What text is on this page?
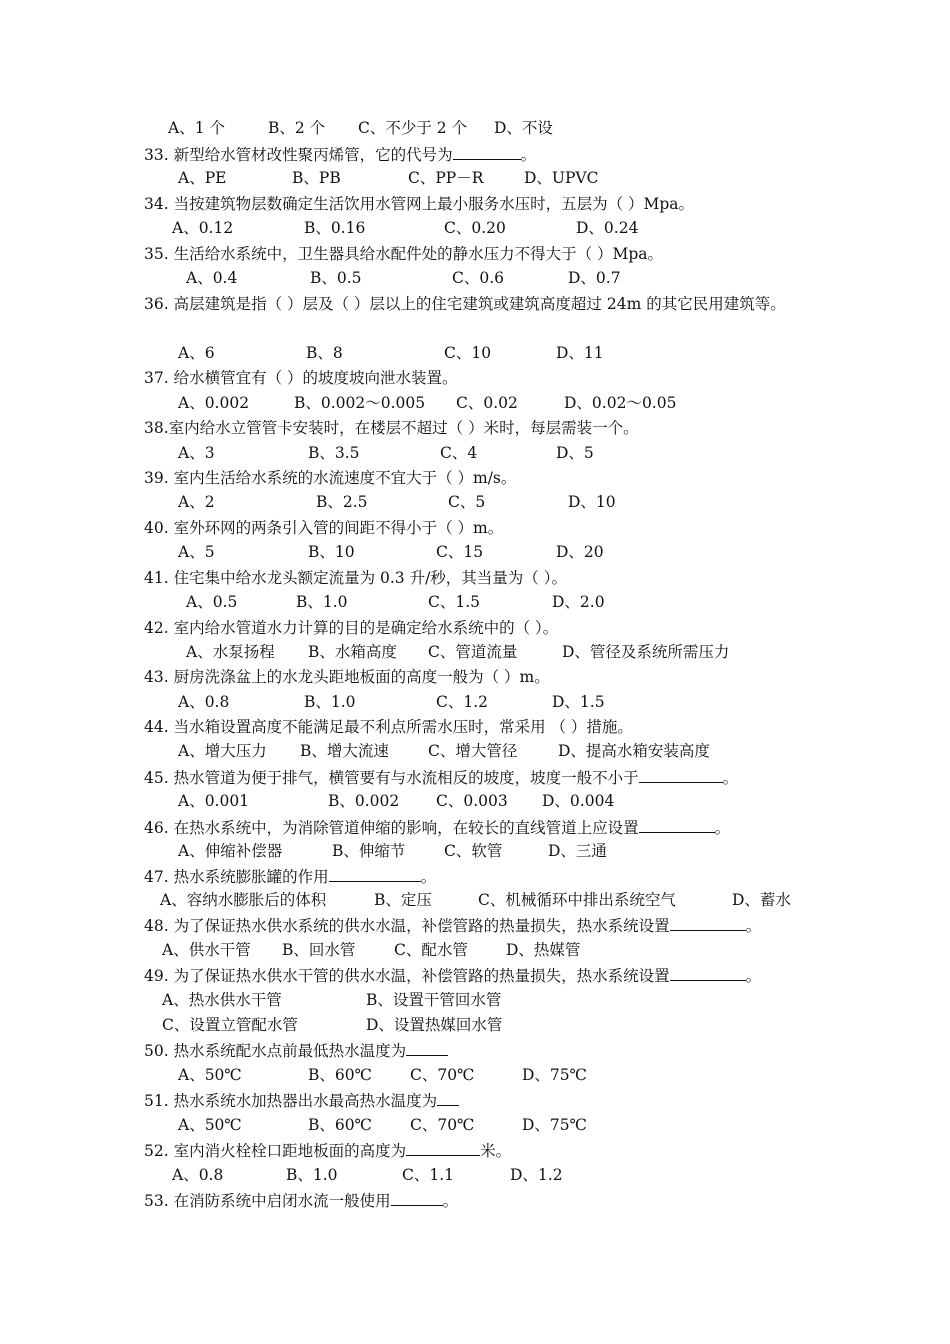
A、1 个	B、2 个 C、不少于 2 个 D、不设
33. 新型给水管材改性聚丙烯管，它的代号为	。
A、PE	B、PB	C、PP－R	D、UPVC
34. 当按建筑物层数确定生活饮用水管网上最小服务水压时，五层为（ ）Mpa。
A、0.12	B、0.16	C、0.20	D、0.24
35. 生活给水系统中，卫生器具给水配件处的静水压力不得大于（ ）Mpa。
A、0.4	B、0.5	C、0.6	D、0.7
36. 高层建筑是指（ ）层及（ ）层以上的住宅建筑或建筑高度超过 24m 的其它民用建筑等。
A、6	B、8	C、10	D、11
37. 给水横管宜有（ ）的坡度坡向泄水装置。
A、0.002	B、0.002～0.005 C、0.02	D、0.02～0.05
38.室内给水立管管卡安装时，在楼层不超过（ ）米时，每层需装一个。
A、3	B、3.5	C、4	D、5
39. 室内生活给水系统的水流速度不宜大于（ ）m/s。
A、2	B、2.5	C、5	D、10
40. 室外环网的两条引入管的间距不得小于（ ）m。
A、5	B、10	C、15	D、20
41. 住宅集中给水龙头额定流量为 0.3 升/秒，其当量为（ ）。
A、0.5	B、1.0	C、1.5	D、2.0
42. 室内给水管道水力计算的目的是确定给水系统中的（ ）。
A、水泵扬程 B、水箱高度 C、管道流量	D、管径及系统所需压力
43. 厨房洗涤盆上的水龙头距地板面的高度一般为（ ）m。
A、0.8	B、1.0	C、1.2	D、1.5
44. 当水箱设置高度不能满足最不利点所需水压时，常采用 （ ）措施。
A、增大压力 B、增大流速	C、增大管径	D、提高水箱安装高度
45. 热水管道为便于排气，横管要有与水流相反的坡度，坡度一般不小于	。
A、0.001	B、0.002 C、0.003 D、0.004
46. 在热水系统中，为消除管道伸缩的影响，在较长的直线管道上应设置	。
A、伸缩补偿器	B、伸缩节 C、软管	D、三通
47. 热水系统膨胀罐的作用	。
A、容纳水膨胀后的体积	B、定压	C、机械循环中排出系统空气	D、蓄水
48. 为了保证热水供水系统的供水水温，补偿管路的热量损失，热水系统设置	。
A、供水干管 B、回水管 C、配水管 D、热媒管
49. 为了保证热水供水干管的供水水温，补偿管路的热量损失，热水系统设置	。
A、热水供水干管	B、设置干管回水管
C、设置立管配水管	D、设置热媒回水管
50. 热水系统配水点前最低热水温度为
A、50℃	B、60℃ C、70℃	D、75℃
51. 热水系统水加热器出水最高热水温度为
A、50℃	B、60℃ C、70℃	D、75℃
52. 室内消火栓栓口距地板面的高度为	米。
A、0.8	B、1.0	C、1.1	D、1.2
53. 在消防系统中启闭水流一般使用	。
